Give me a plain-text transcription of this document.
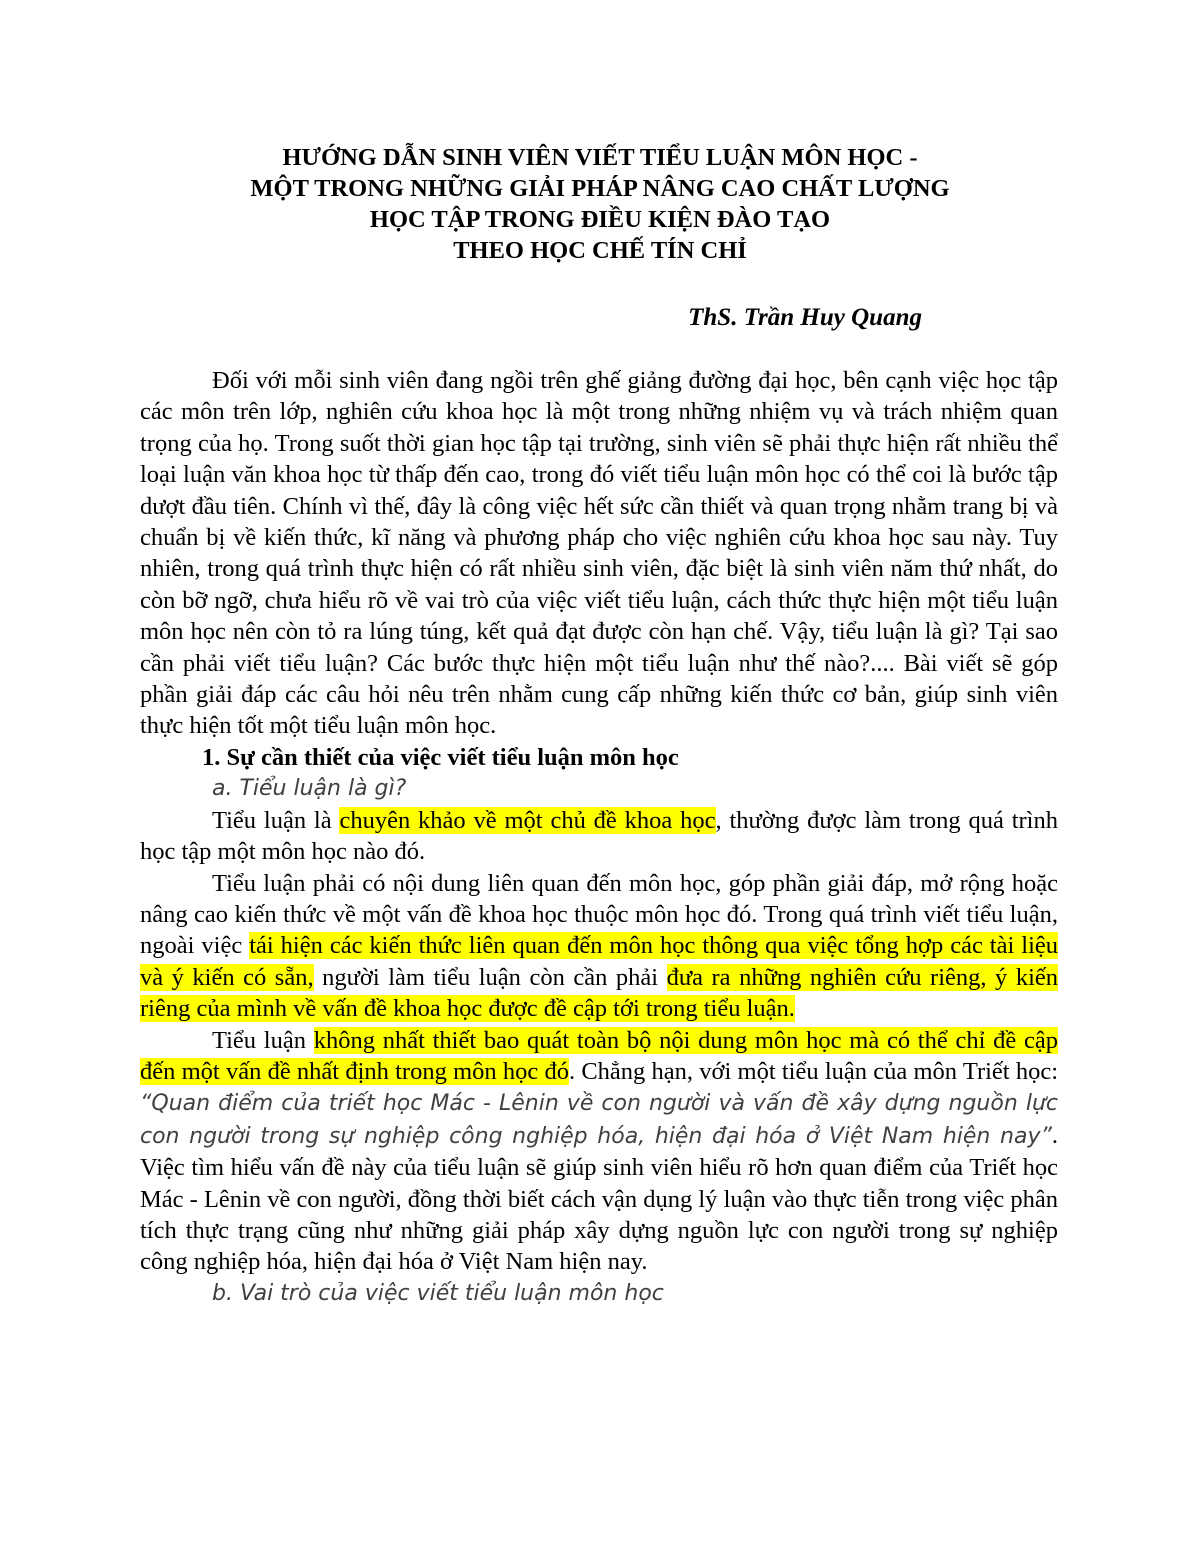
HƯỚNG DẪN SINH VIÊN VIẾT TIỂU LUẬN MÔN HỌC -
MỘT TRONG NHỮNG GIẢI PHÁP NÂNG CAO CHẤT LƯỢNG
HỌC TẬP TRONG ĐIỀU KIỆN ĐÀO TẠO
THEO HỌC CHẾ TÍN CHỈ
ThS. Trần Huy Quang

Đối với mỗi sinh viên đang ngồi trên ghế giảng đường đại học, bên cạnh việc học tập các môn trên lớp, nghiên cứu khoa học là một trong những nhiệm vụ và trách nhiệm quan trọng của họ. Trong suốt thời gian học tập tại trường, sinh viên sẽ phải thực hiện rất nhiều thể loại luận văn khoa học từ thấp đến cao, trong đó viết tiểu luận môn học có thể coi là bước tập dượt đầu tiên. Chính vì thế, đây là công việc hết sức cần thiết và quan trọng nhằm trang bị và chuẩn bị về kiến thức, kĩ năng và phương pháp cho việc nghiên cứu khoa học sau này. Tuy nhiên, trong quá trình thực hiện có rất nhiều sinh viên, đặc biệt là sinh viên năm thứ nhất, do còn bỡ ngỡ, chưa hiểu rõ về vai trò của việc viết tiểu luận, cách thức thực hiện một tiểu luận môn học nên còn tỏ ra lúng túng, kết quả đạt được còn hạn chế. Vậy, tiểu luận là gì? Tại sao cần phải viết tiểu luận? Các bước thực hiện một tiểu luận như thế nào?.... Bài viết sẽ góp phần giải đáp các câu hỏi nêu trên nhằm cung cấp những kiến thức cơ bản, giúp sinh viên thực hiện tốt một tiểu luận môn học.

1. Sự cần thiết của việc viết tiểu luận môn học

a. Tiểu luận là gì?

Tiểu luận là chuyên khảo về một chủ đề khoa học, thường được làm trong quá trình học tập một môn học nào đó.

Tiểu luận phải có nội dung liên quan đến môn học, góp phần giải đáp, mở rộng hoặc nâng cao kiến thức về một vấn đề khoa học thuộc môn học đó. Trong quá trình viết tiểu luận, ngoài việc tái hiện các kiến thức liên quan đến môn học thông qua việc tổng hợp các tài liệu và ý kiến có sẵn, người làm tiểu luận còn cần phải đưa ra những nghiên cứu riêng, ý kiến riêng của mình về vấn đề khoa học được đề cập tới trong tiểu luận.

Tiểu luận không nhất thiết bao quát toàn bộ nội dung môn học mà có thể chỉ đề cập đến một vấn đề nhất định trong môn học đó. Chẳng hạn, với một tiểu luận của môn Triết học: “Quan điểm của triết học Mác - Lênin về con người và vấn đề xây dựng nguồn lực con người trong sự nghiệp công nghiệp hóa, hiện đại hóa ở Việt Nam hiện nay”. Việc tìm hiểu vấn đề này của tiểu luận sẽ giúp sinh viên hiểu rõ hơn quan điểm của Triết học Mác - Lênin về con người, đồng thời biết cách vận dụng lý luận vào thực tiễn trong việc phân tích thực trạng cũng như những giải pháp xây dựng nguồn lực con người trong sự nghiệp công nghiệp hóa, hiện đại hóa ở Việt Nam hiện nay.

b. Vai trò của việc viết tiểu luận môn học
